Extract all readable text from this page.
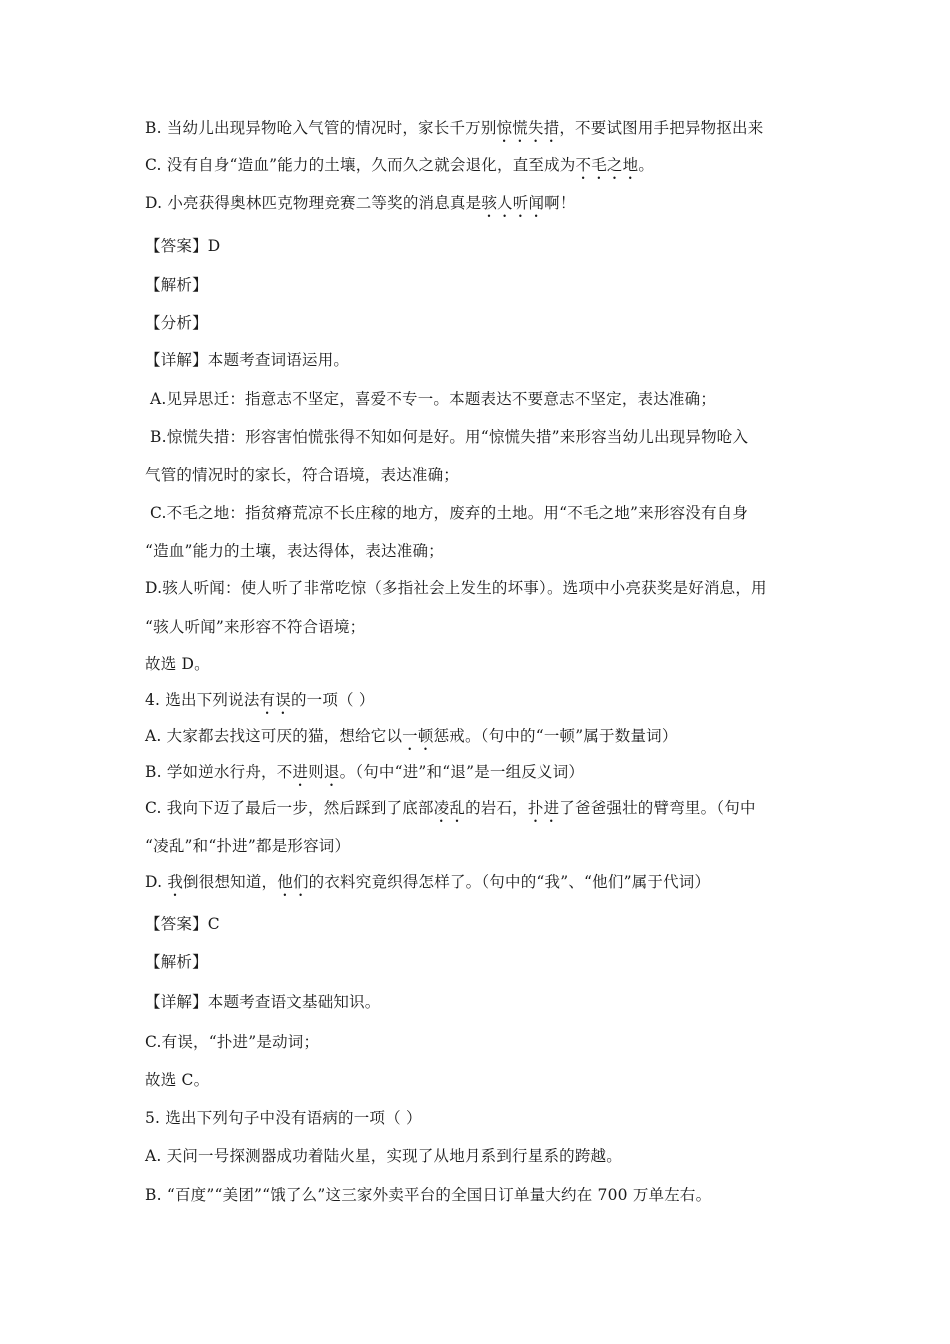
B. 当幼儿出现异物呛入气管的情况时，家长千万别惊慌失措，不要试图用手把异物抠出来
C. 没有自身“造血”能力的土壤，久而久之就会退化，直至成为不毛之地。
D. 小亮获得奥林匹克物理竞赛二等奖的消息真是骇人听闻啊！
【答案】D
【解析】
【分析】
【详解】本题考查词语运用。
A.见异思迁：指意志不坚定，喜爱不专一。本题表达不要意志不坚定，表达准确；
B.惊慌失措：形容害怕慌张得不知如何是好。用“惊慌失措”来形容当幼儿出现异物呛入
气管的情况时的家长，符合语境，表达准确；
C.不毛之地：指贫瘠荒凉不长庄稼的地方，废弃的土地。用“不毛之地”来形容没有自身
“造血”能力的土壤，表达得体，表达准确；
D.骇人听闻：使人听了非常吃惊（多指社会上发生的坏事）。选项中小亮获奖是好消息，用
“骇人听闻”来形容不符合语境；
故选 D。
4. 选出下列说法有误的一项（ ）
A. 大家都去找这可厌的猫，想给它以一顿惩戒。（句中的“一顿”属于数量词）
B. 学如逆水行舟，不进则退。（句中“进”和“退”是一组反义词）
C. 我向下迈了最后一步，然后踩到了底部凌乱的岩石，扑进了爸爸强壮的臂弯里。（句中
“凌乱”和“扑进”都是形容词）
D. 我倒很想知道，他们的衣料究竟织得怎样了。（句中的“我”、“他们”属于代词）
【答案】C
【解析】
【详解】本题考查语文基础知识。
C.有误，“扑进”是动词；
故选 C。
5. 选出下列句子中没有语病的一项（ ）
A. 天问一号探测器成功着陆火星，实现了从地月系到行星系的跨越。
B. “百度”“美团”“饿了么”这三家外卖平台的全国日订单量大约在 700 万单左右。
